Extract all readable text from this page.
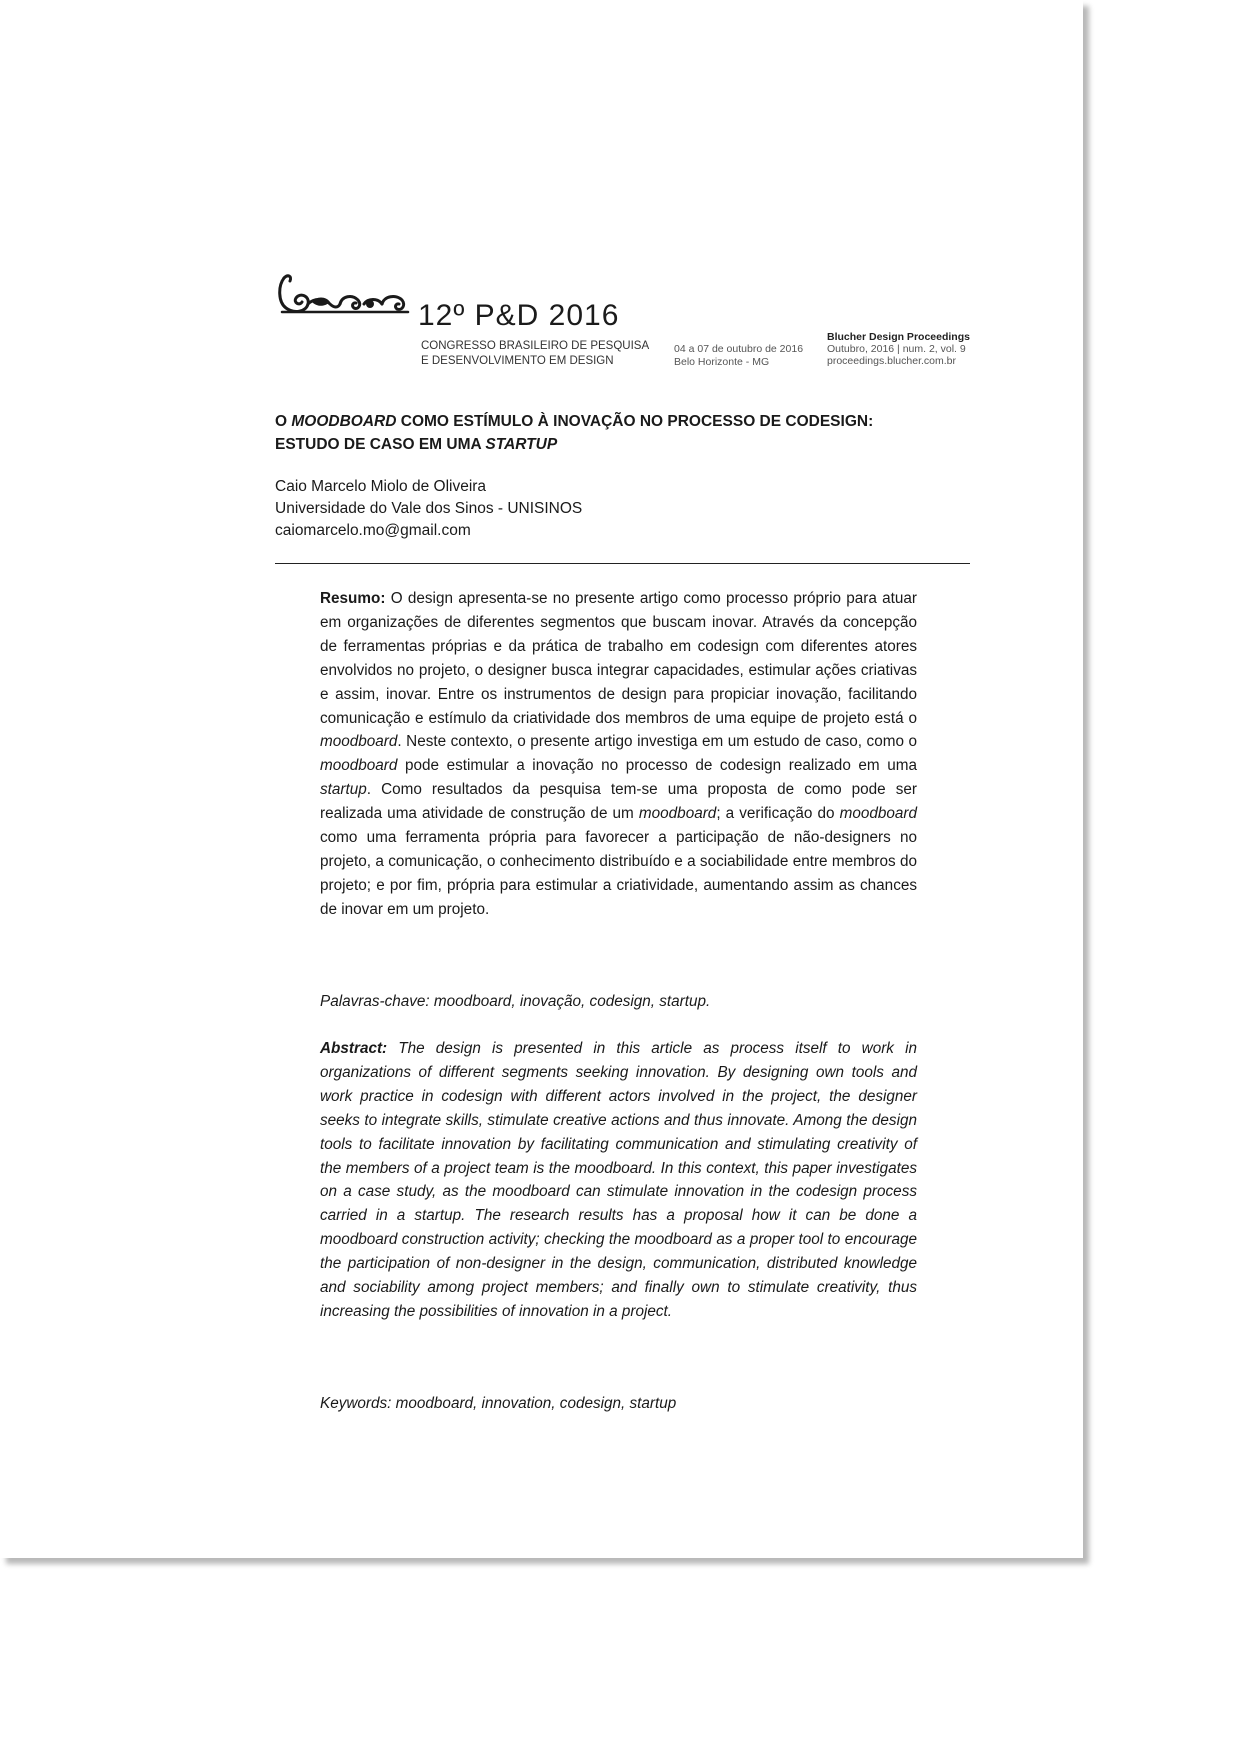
12º P&D 2016
CONGRESSO BRASILEIRO DE PESQUISA
E DESENVOLVIMENTO EM DESIGN
04 a 07 de outubro de 2016
Belo Horizonte - MG
Blucher Design Proceedings
Outubro, 2016 | num. 2, vol. 9
proceedings.blucher.com.br
O MOODBOARD COMO ESTÍMULO À INOVAÇÃO NO PROCESSO DE CODESIGN:
ESTUDO DE CASO EM UMA STARTUP
Caio Marcelo Miolo de Oliveira
Universidade do Vale dos Sinos - UNISINOS
caiomarcelo.mo@gmail.com
Resumo: O design apresenta-se no presente artigo como processo próprio para atuar em organizações de diferentes segmentos que buscam inovar. Através da concepção de ferramentas próprias e da prática de trabalho em codesign com diferentes atores envolvidos no projeto, o designer busca integrar capacidades, estimular ações criativas e assim, inovar. Entre os instrumentos de design para propiciar inovação, facilitando comunicação e estímulo da criatividade dos membros de uma equipe de projeto está o moodboard. Neste contexto, o presente artigo investiga em um estudo de caso, como o moodboard pode estimular a inovação no processo de codesign realizado em uma startup. Como resultados da pesquisa tem-se uma proposta de como pode ser realizada uma atividade de construção de um moodboard; a verificação do moodboard como uma ferramenta própria para favorecer a participação de não-designers no projeto, a comunicação, o conhecimento distribuído e a sociabilidade entre membros do projeto; e por fim, própria para estimular a criatividade, aumentando assim as chances de inovar em um projeto.
Palavras-chave: moodboard, inovação, codesign, startup.
Abstract: The design is presented in this article as process itself to work in organizations of different segments seeking innovation. By designing own tools and work practice in codesign with different actors involved in the project, the designer seeks to integrate skills, stimulate creative actions and thus innovate. Among the design tools to facilitate innovation by facilitating communication and stimulating creativity of the members of a project team is the moodboard. In this context, this paper investigates on a case study, as the moodboard can stimulate innovation in the codesign process carried in a startup. The research results has a proposal how it can be done a moodboard construction activity; checking the moodboard as a proper tool to encourage the participation of non-designer in the design, communication, distributed knowledge and sociability among project members; and finally own to stimulate creativity, thus increasing the possibilities of innovation in a project.
Keywords: moodboard, innovation, codesign, startup
